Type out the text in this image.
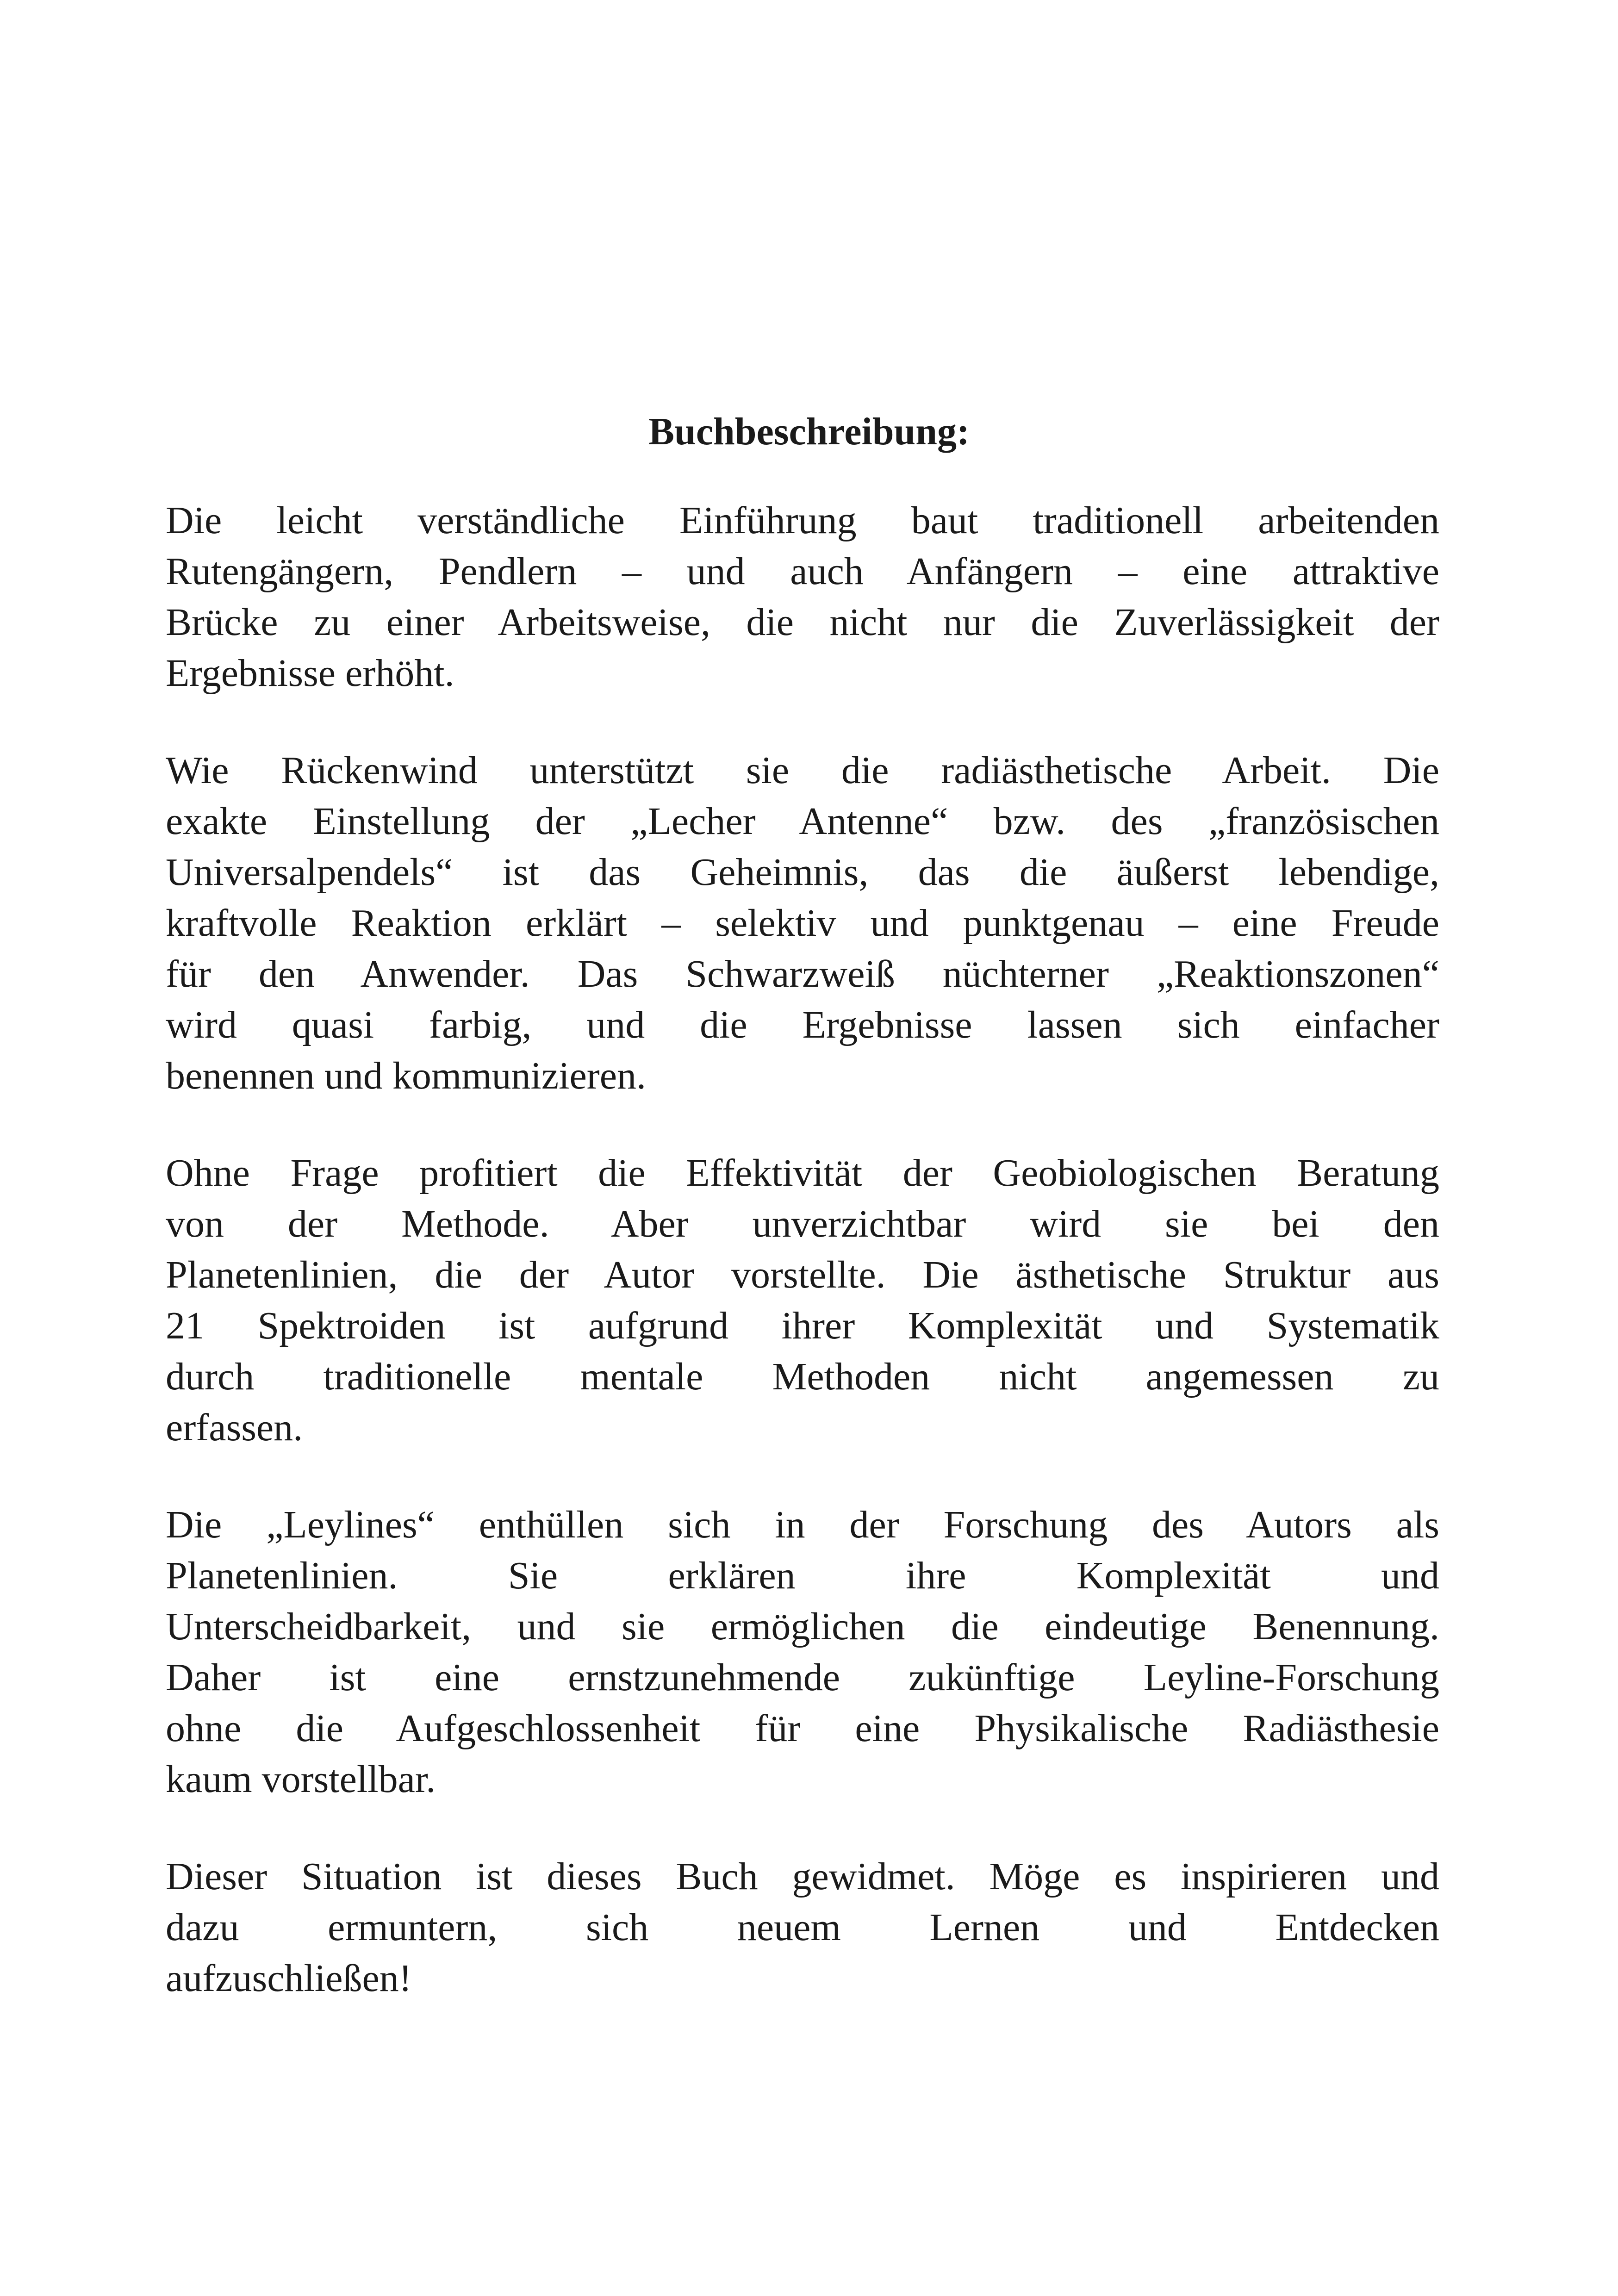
Buchbeschreibung:

Die leicht verständliche Einführung baut traditionell arbeitenden
Rutengängern, Pendlern – und auch Anfängern – eine attraktive
Brücke zu einer Arbeitsweise, die nicht nur die Zuverlässigkeit der
Ergebnisse erhöht.

Wie Rückenwind unterstützt sie die radiästhetische Arbeit. Die
exakte Einstellung der „Lecher Antenne“ bzw. des „französischen
Universalpendels“ ist das Geheimnis, das die äußerst lebendige,
kraftvolle Reaktion erklärt – selektiv und punktgenau – eine Freude
für den Anwender. Das Schwarzweiß nüchterner „Reaktionszonen“
wird quasi farbig, und die Ergebnisse lassen sich einfacher
benennen und kommunizieren.

Ohne Frage profitiert die Effektivität der Geobiologischen Beratung
von der Methode. Aber unverzichtbar wird sie bei den
Planetenlinien, die der Autor vorstellte. Die ästhetische Struktur aus
21 Spektroiden ist aufgrund ihrer Komplexität und Systematik
durch traditionelle mentale Methoden nicht angemessen zu
erfassen.

Die „Leylines“ enthüllen sich in der Forschung des Autors als
Planetenlinien. Sie erklären ihre Komplexität und
Unterscheidbarkeit, und sie ermöglichen die eindeutige Benennung.
Daher ist eine ernstzunehmende zukünftige Leyline-Forschung
ohne die Aufgeschlossenheit für eine Physikalische Radiästhesie
kaum vorstellbar.

Dieser Situation ist dieses Buch gewidmet. Möge es inspirieren und
dazu ermuntern, sich neuem Lernen und Entdecken
aufzuschließen!
